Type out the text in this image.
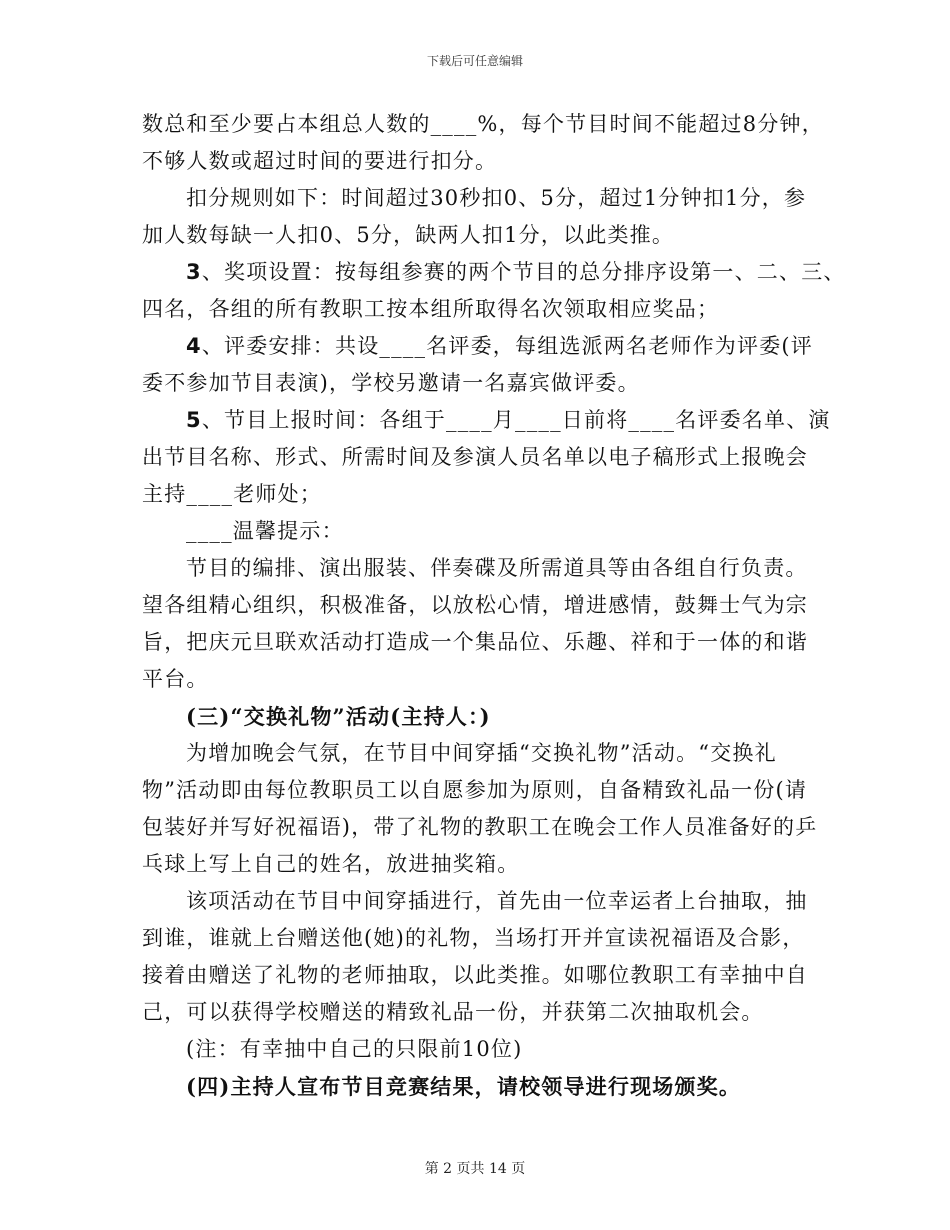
下载后可任意编辑
数总和至少要占本组总人数的____%，每个节目时间不能超过8分钟，
不够人数或超过时间的要进行扣分。
扣分规则如下：时间超过30秒扣0、5分，超过1分钟扣1分，参
加人数每缺一人扣0、5分，缺两人扣1分，以此类推。
3、奖项设置：按每组参赛的两个节目的总分排序设第一、二、三、
四名，各组的所有教职工按本组所取得名次领取相应奖品；
4、评委安排：共设____名评委，每组选派两名老师作为评委(评
委不参加节目表演)，学校另邀请一名嘉宾做评委。
5、节目上报时间：各组于____月____日前将____名评委名单、演
出节目名称、形式、所需时间及参演人员名单以电子稿形式上报晚会
主持____老师处；
____温馨提示：
节目的编排、演出服装、伴奏碟及所需道具等由各组自行负责。
望各组精心组织，积极准备，以放松心情，增进感情，鼓舞士气为宗
旨，把庆元旦联欢活动打造成一个集品位、乐趣、祥和于一体的和谐
平台。
(三)“交换礼物”活动(主持人：)
为增加晚会气氛，在节目中间穿插“交换礼物”活动。“交换礼
物”活动即由每位教职员工以自愿参加为原则，自备精致礼品一份(请
包装好并写好祝福语)，带了礼物的教职工在晚会工作人员准备好的乒
乓球上写上自己的姓名，放进抽奖箱。
该项活动在节目中间穿插进行，首先由一位幸运者上台抽取，抽
到谁，谁就上台赠送他(她)的礼物，当场打开并宣读祝福语及合影，
接着由赠送了礼物的老师抽取，以此类推。如哪位教职工有幸抽中自
己，可以获得学校赠送的精致礼品一份，并获第二次抽取机会。
(注：有幸抽中自己的只限前10位)
(四)主持人宣布节目竞赛结果，请校领导进行现场颁奖。
第 2 页共 14 页
